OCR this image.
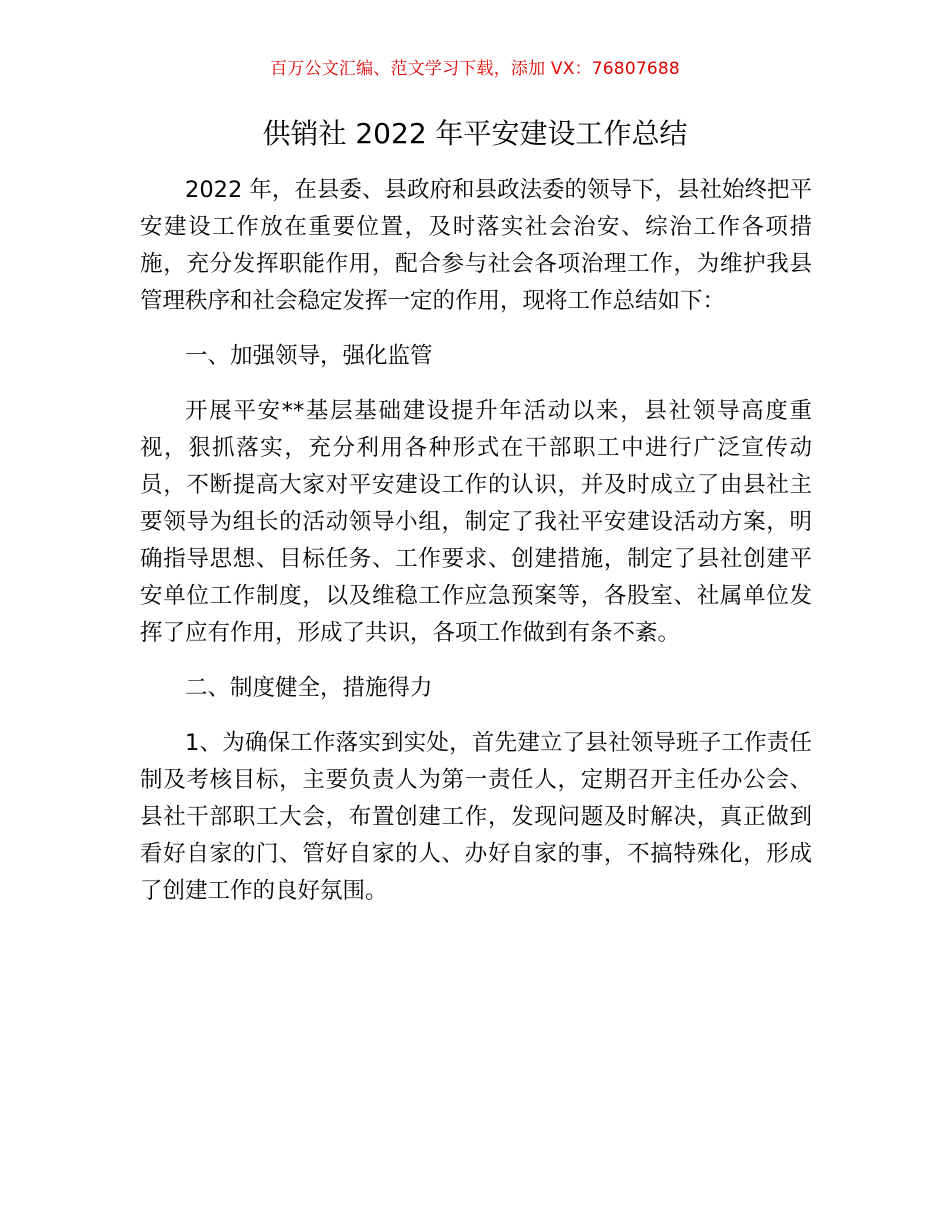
百万公文汇编、范文学习下载，添加 VX：76807688
供销社 2022 年平安建设工作总结

2022 年，在县委、县政府和县政法委的领导下，县社始终把平安建设工作放在重要位置，及时落实社会治安、综治工作各项措施，充分发挥职能作用，配合参与社会各项治理工作，为维护我县管理秩序和社会稳定发挥一定的作用，现将工作总结如下：

一、加强领导，强化监管

开展平安**基层基础建设提升年活动以来，县社领导高度重视，狠抓落实，充分利用各种形式在干部职工中进行广泛宣传动员，不断提高大家对平安建设工作的认识，并及时成立了由县社主要领导为组长的活动领导小组，制定了我社平安建设活动方案，明确指导思想、目标任务、工作要求、创建措施，制定了县社创建平安单位工作制度，以及维稳工作应急预案等，各股室、社属单位发挥了应有作用，形成了共识，各项工作做到有条不紊。

二、制度健全，措施得力

1、为确保工作落实到实处，首先建立了县社领导班子工作责任制及考核目标，主要负责人为第一责任人，定期召开主任办公会、县社干部职工大会，布置创建工作，发现问题及时解决，真正做到看好自家的门、管好自家的人、办好自家的事，不搞特殊化，形成了创建工作的良好氛围。
